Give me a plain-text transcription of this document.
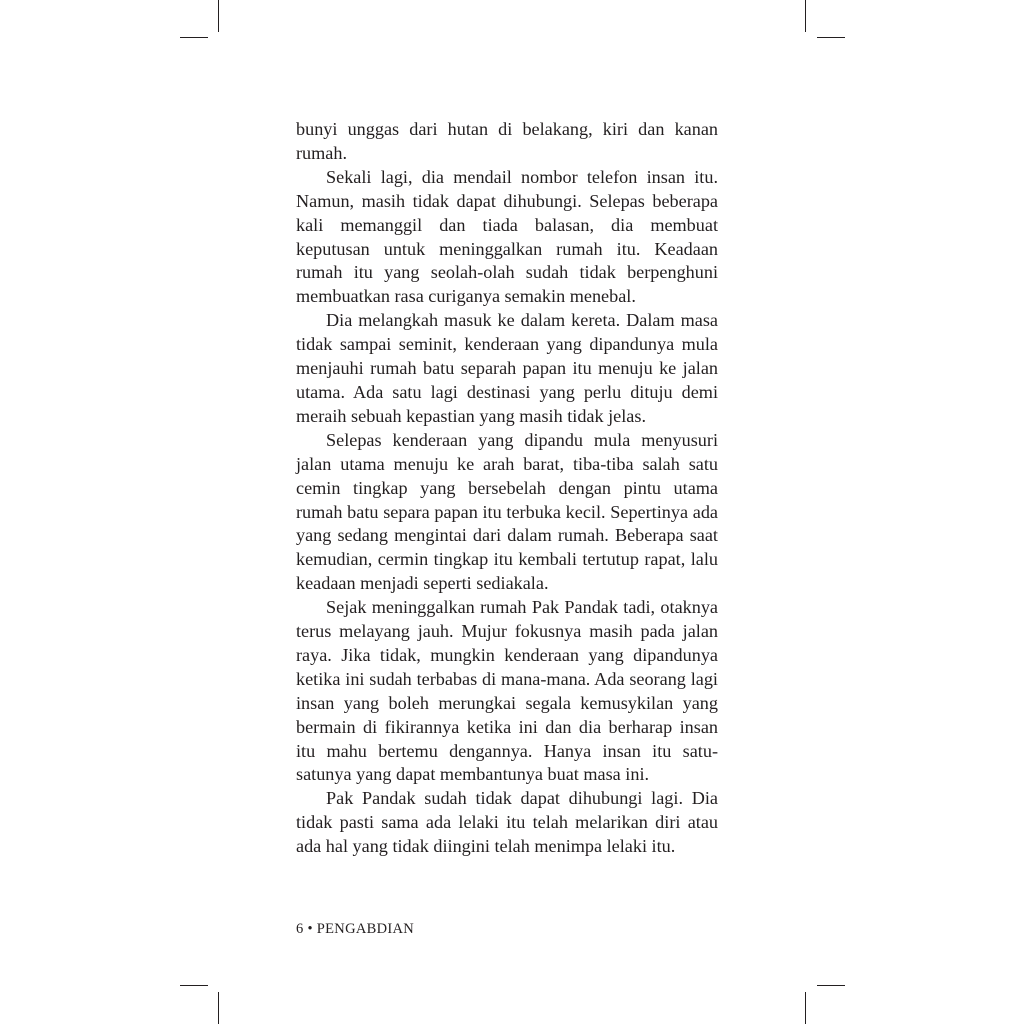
bunyi unggas dari hutan di belakang, kiri dan kanan rumah.

Sekali lagi, dia mendail nombor telefon insan itu. Namun, masih tidak dapat dihubungi. Selepas beberapa kali memanggil dan tiada balasan, dia membuat keputusan untuk meninggalkan rumah itu. Keadaan rumah itu yang seolah-olah sudah tidak berpenghuni membuatkan rasa curiganya semakin menebal.

Dia melangkah masuk ke dalam kereta. Dalam masa tidak sampai seminit, kenderaan yang dipandunya mula menjauhi rumah batu separah papan itu menuju ke jalan utama. Ada satu lagi destinasi yang perlu dituju demi meraih sebuah kepastian yang masih tidak jelas.

Selepas kenderaan yang dipandu mula menyusuri jalan utama menuju ke arah barat, tiba-tiba salah satu cemin tingkap yang bersebelah dengan pintu utama rumah batu separa papan itu terbuka kecil. Sepertinya ada yang sedang mengintai dari dalam rumah. Beberapa saat kemudian, cermin tingkap itu kembali tertutup rapat, lalu keadaan menjadi seperti sediakala.

Sejak meninggalkan rumah Pak Pandak tadi, otaknya terus melayang jauh. Mujur fokusnya masih pada jalan raya. Jika tidak, mungkin kenderaan yang dipandunya ketika ini sudah terbabas di mana-mana. Ada seorang lagi insan yang boleh merungkai segala kemusykilan yang bermain di fikirannya ketika ini dan dia berharap insan itu mahu bertemu dengannya. Hanya insan itu satu-satunya yang dapat membantunya buat masa ini.

Pak Pandak sudah tidak dapat dihubungi lagi. Dia tidak pasti sama ada lelaki itu telah melarikan diri atau ada hal yang tidak diingini telah menimpa lelaki itu.

6 • PENGABDIAN
